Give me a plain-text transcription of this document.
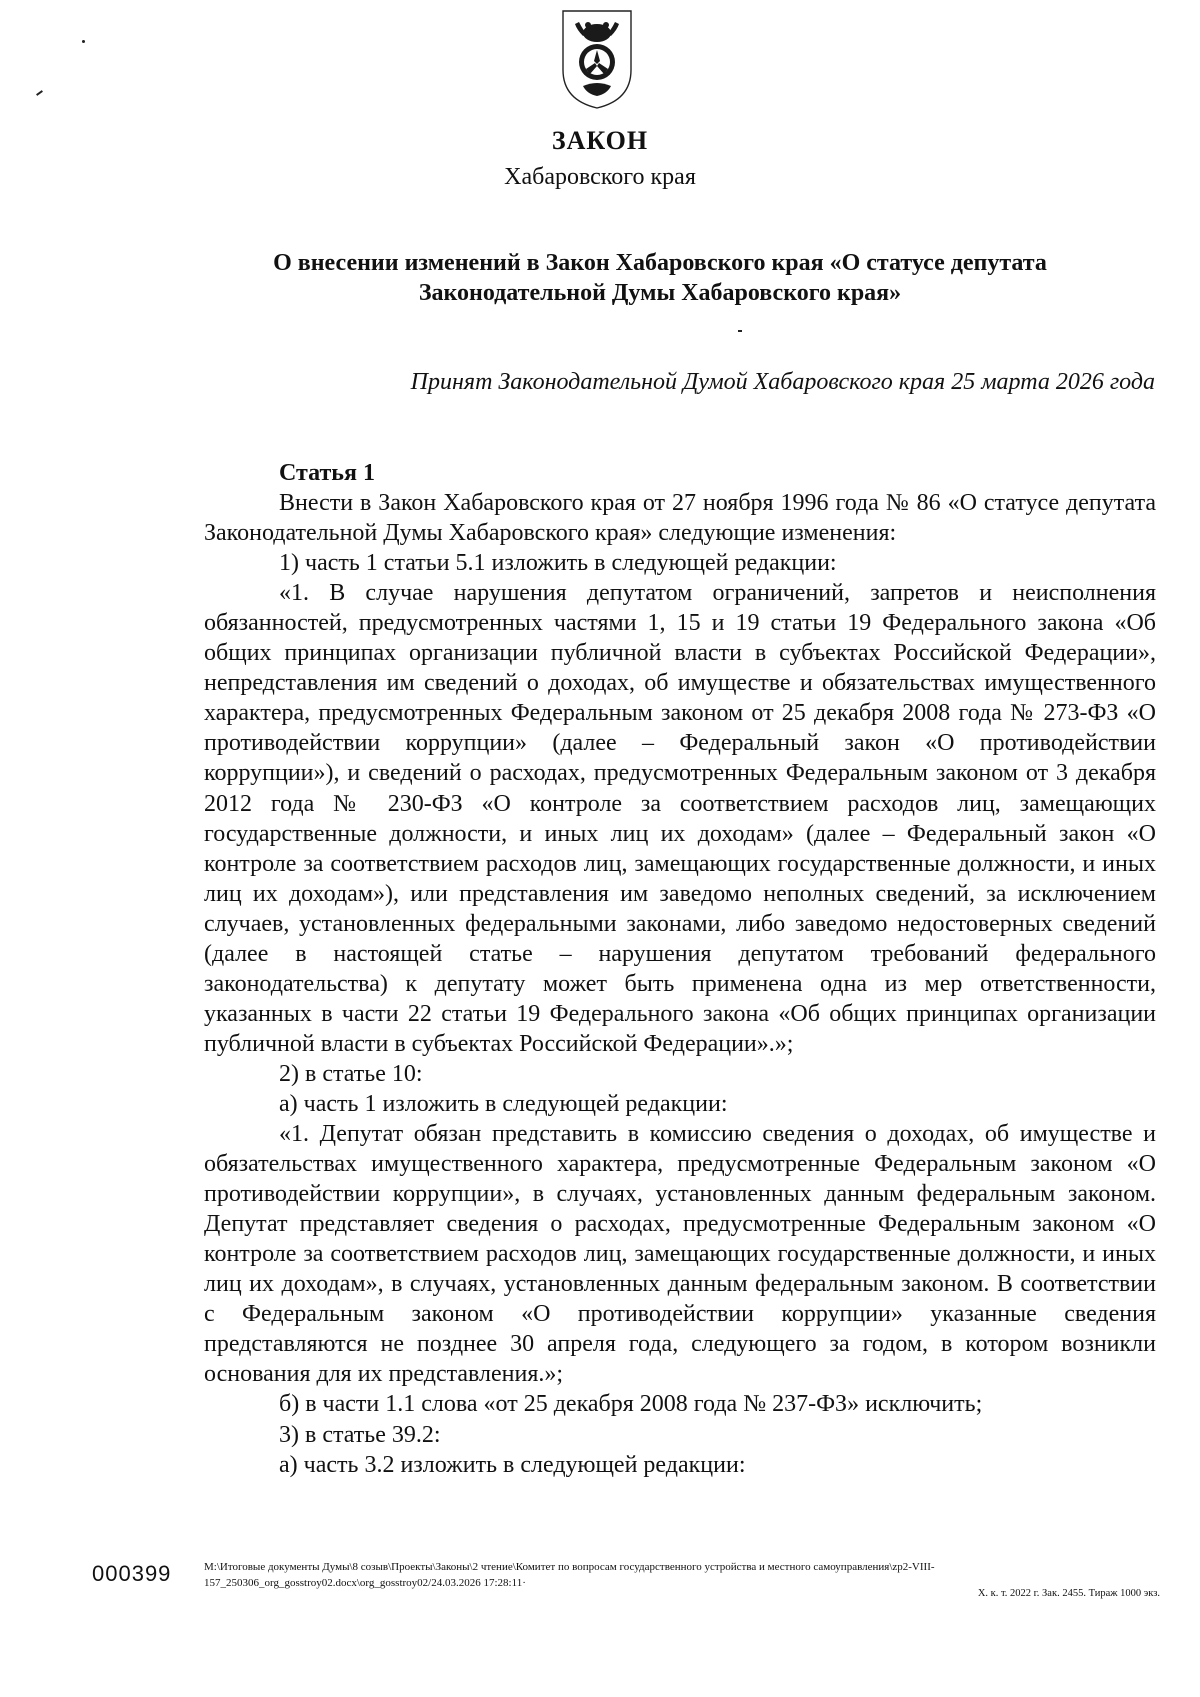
ЗАКОН
Хабаровского края
О внесении изменений в Закон Хабаровского края «О статусе депутата
Законодательной Думы Хабаровского края»
Принят Законодательной Думой Хабаровского края 25 марта 2026 года

Статья 1

Внести в Закон Хабаровского края от 27 ноября 1996 года № 86 «О статусе депутата Законодательной Думы Хабаровского края» следующие изменения:

1) часть 1 статьи 5.1 изложить в следующей редакции:

«1. В случае нарушения депутатом ограничений, запретов и неисполнения обязанностей, предусмотренных частями 1, 15 и 19 статьи 19 Федерального закона «Об общих принципах организации публичной власти в субъектах Российской Федерации», непредставления им сведений о доходах, об имуществе и обязательствах имущественного характера, предусмотренных Федеральным законом от 25 декабря 2008 года № 273-ФЗ «О противодействии коррупции» (далее – Федеральный закон «О противодействии коррупции»), и сведений о расходах, предусмотренных Федеральным законом от 3 декабря 2012 года № 230-ФЗ «О контроле за соответствием расходов лиц, замещающих государственные должности, и иных лиц их доходам» (далее – Федеральный закон «О контроле за соответствием расходов лиц, замещающих государственные должности, и иных лиц их доходам»), или представления им заведомо неполных сведений, за исключением случаев, установленных федеральными законами, либо заведомо недостоверных сведений (далее в настоящей статье – нарушения депутатом требований федерального законодательства) к депутату может быть применена одна из мер ответственности, указанных в части 22 статьи 19 Федерального закона «Об общих принципах организации публичной власти в субъектах Российской Федерации».»;

2) в статье 10:

а) часть 1 изложить в следующей редакции:

«1. Депутат обязан представить в комиссию сведения о доходах, об имуществе и обязательствах имущественного характера, предусмотренные Федеральным законом «О противодействии коррупции», в случаях, установленных данным федеральным законом. Депутат представляет сведения о расходах, предусмотренные Федеральным законом «О контроле за соответствием расходов лиц, замещающих государственные должности, и иных лиц их доходам», в случаях, установленных данным федеральным законом. В соответствии с Федеральным законом «О противодействии коррупции» указанные сведения представляются не позднее 30 апреля года, следующего за годом, в котором возникли основания для их представления.»;

б) в части 1.1 слова «от 25 декабря 2008 года № 237-ФЗ» исключить;

3) в статье 39.2:

а) часть 3.2 изложить в следующей редакции:

000399	M:\Итоговые документы Думы\8 созыв\Проекты\Законы\2 чтение\Комитет по вопросам государственного устройства и местного самоуправления\zp2-VIII-
157_250306_org_gosstroy02.docx\org_gosstroy02/24.03.2026 17:28:11·
Х. к. т. 2022 г. Зак. 2455. Тираж 1000 экз.
